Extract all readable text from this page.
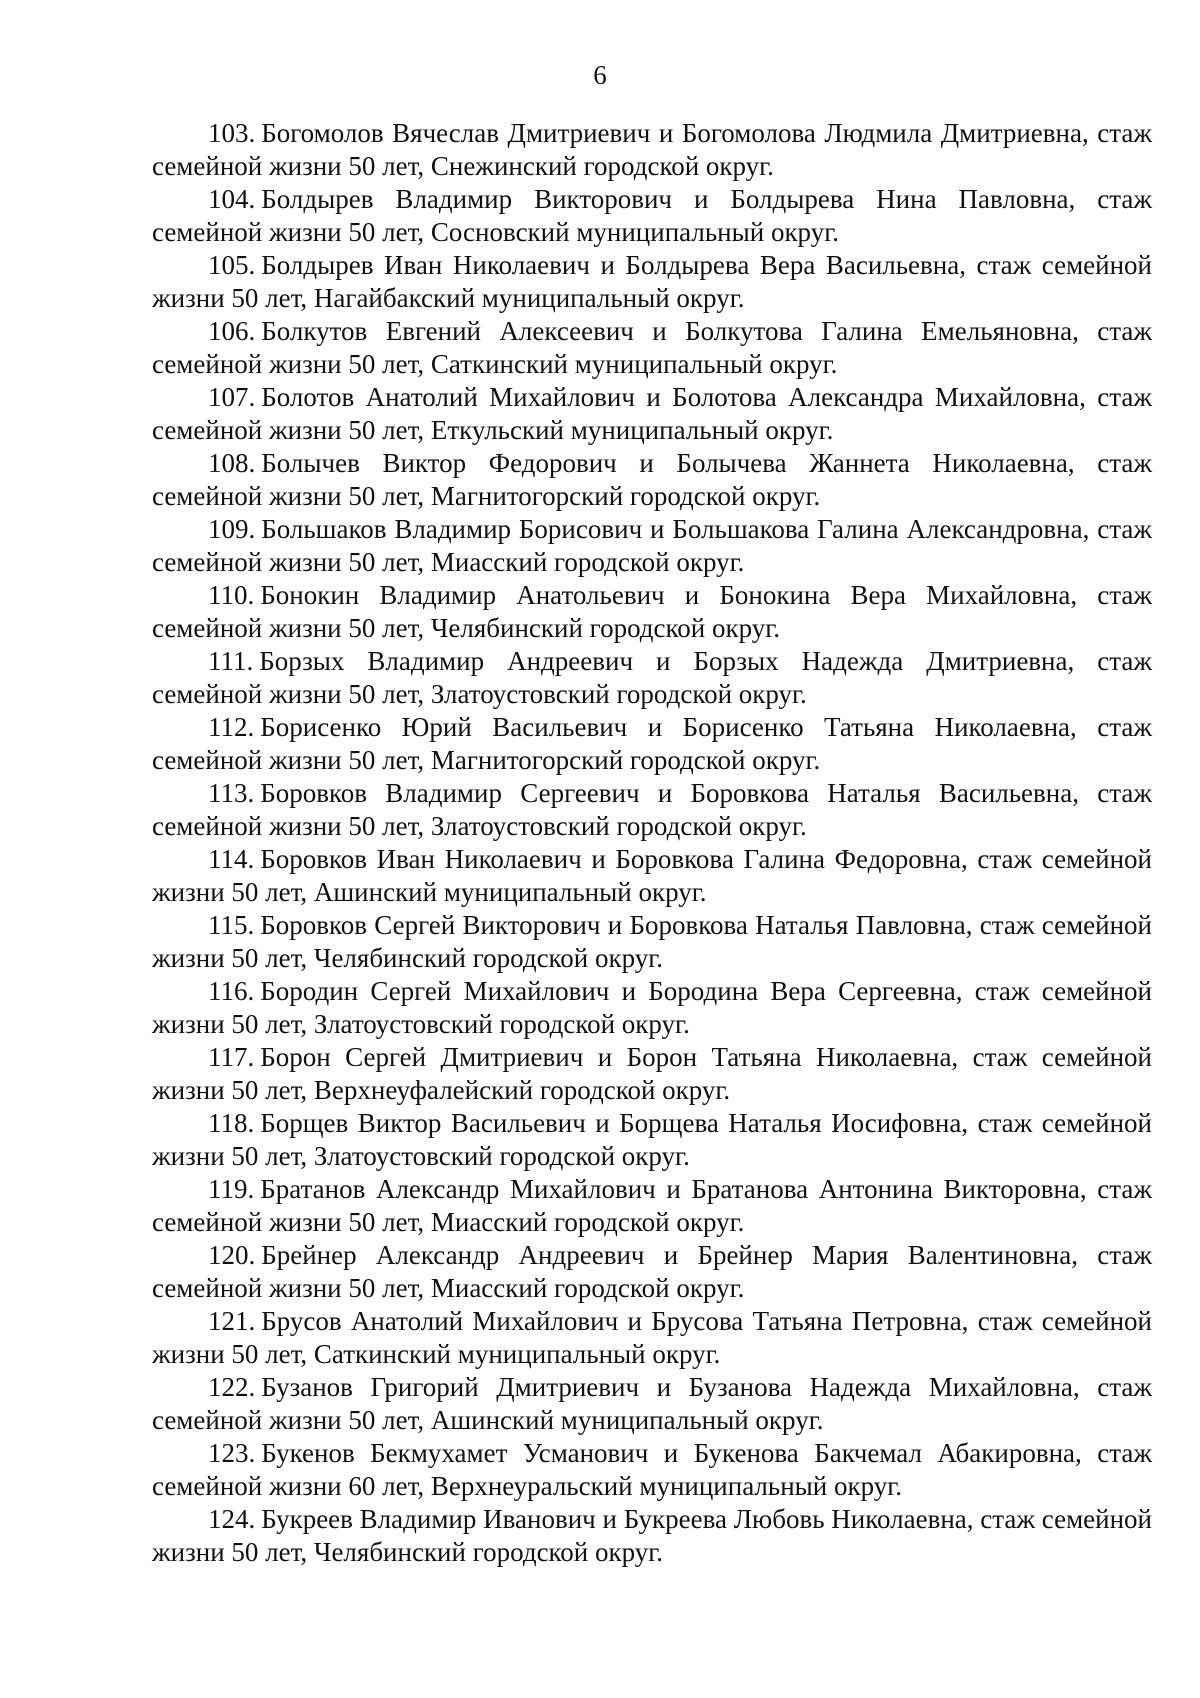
6

103. Богомолов Вячеслав Дмитриевич и Богомолова Людмила Дмитриевна, стаж семейной жизни 50 лет, Снежинский городской округ.

104. Болдырев Владимир Викторович и Болдырева Нина Павловна, стаж семейной жизни 50 лет, Сосновский муниципальный округ.

105. Болдырев Иван Николаевич и Болдырева Вера Васильевна, стаж семейной жизни 50 лет, Нагайбакский муниципальный округ.

106. Болкутов Евгений Алексеевич и Болкутова Галина Емельяновна, стаж семейной жизни 50 лет, Саткинский муниципальный округ.

107. Болотов Анатолий Михайлович и Болотова Александра Михайловна, стаж семейной жизни 50 лет, Еткульский муниципальный округ.

108. Болычев Виктор Федорович и Болычева Жаннета Николаевна, стаж семейной жизни 50 лет, Магнитогорский городской округ.

109. Большаков Владимир Борисович и Большакова Галина Александровна, стаж семейной жизни 50 лет, Миасский городской округ.

110. Бонокин Владимир Анатольевич и Бонокина Вера Михайловна, стаж семейной жизни 50 лет, Челябинский городской округ.

111. Борзых Владимир Андреевич и Борзых Надежда Дмитриевна, стаж семейной жизни 50 лет, Златоустовский городской округ.

112. Борисенко Юрий Васильевич и Борисенко Татьяна Николаевна, стаж семейной жизни 50 лет, Магнитогорский городской округ.

113. Боровков Владимир Сергеевич и Боровкова Наталья Васильевна, стаж семейной жизни 50 лет, Златоустовский городской округ.

114. Боровков Иван Николаевич и Боровкова Галина Федоровна, стаж семейной жизни 50 лет, Ашинский муниципальный округ.

115. Боровков Сергей Викторович и Боровкова Наталья Павловна, стаж семейной жизни 50 лет, Челябинский городской округ.

116. Бородин Сергей Михайлович и Бородина Вера Сергеевна, стаж семейной жизни 50 лет, Златоустовский городской округ.

117. Борон Сергей Дмитриевич и Борон Татьяна Николаевна, стаж семейной жизни 50 лет, Верхнеуфалейский городской округ.

118. Борщев Виктор Васильевич и Борщева Наталья Иосифовна, стаж семейной жизни 50 лет, Златоустовский городской округ.

119. Братанов Александр Михайлович и Братанова Антонина Викторовна, стаж семейной жизни 50 лет, Миасский городской округ.

120. Брейнер Александр Андреевич и Брейнер Мария Валентиновна, стаж семейной жизни 50 лет, Миасский городской округ.

121. Брусов Анатолий Михайлович и Брусова Татьяна Петровна, стаж семейной жизни 50 лет, Саткинский муниципальный округ.

122. Бузанов Григорий Дмитриевич и Бузанова Надежда Михайловна, стаж семейной жизни 50 лет, Ашинский муниципальный округ.

123. Букенов Бекмухамет Усманович и Букенова Бакчемал Абакировна, стаж семейной жизни 60 лет, Верхнеуральский муниципальный округ.

124. Букреев Владимир Иванович и Букреева Любовь Николаевна, стаж семейной жизни 50 лет, Челябинский городской округ.
